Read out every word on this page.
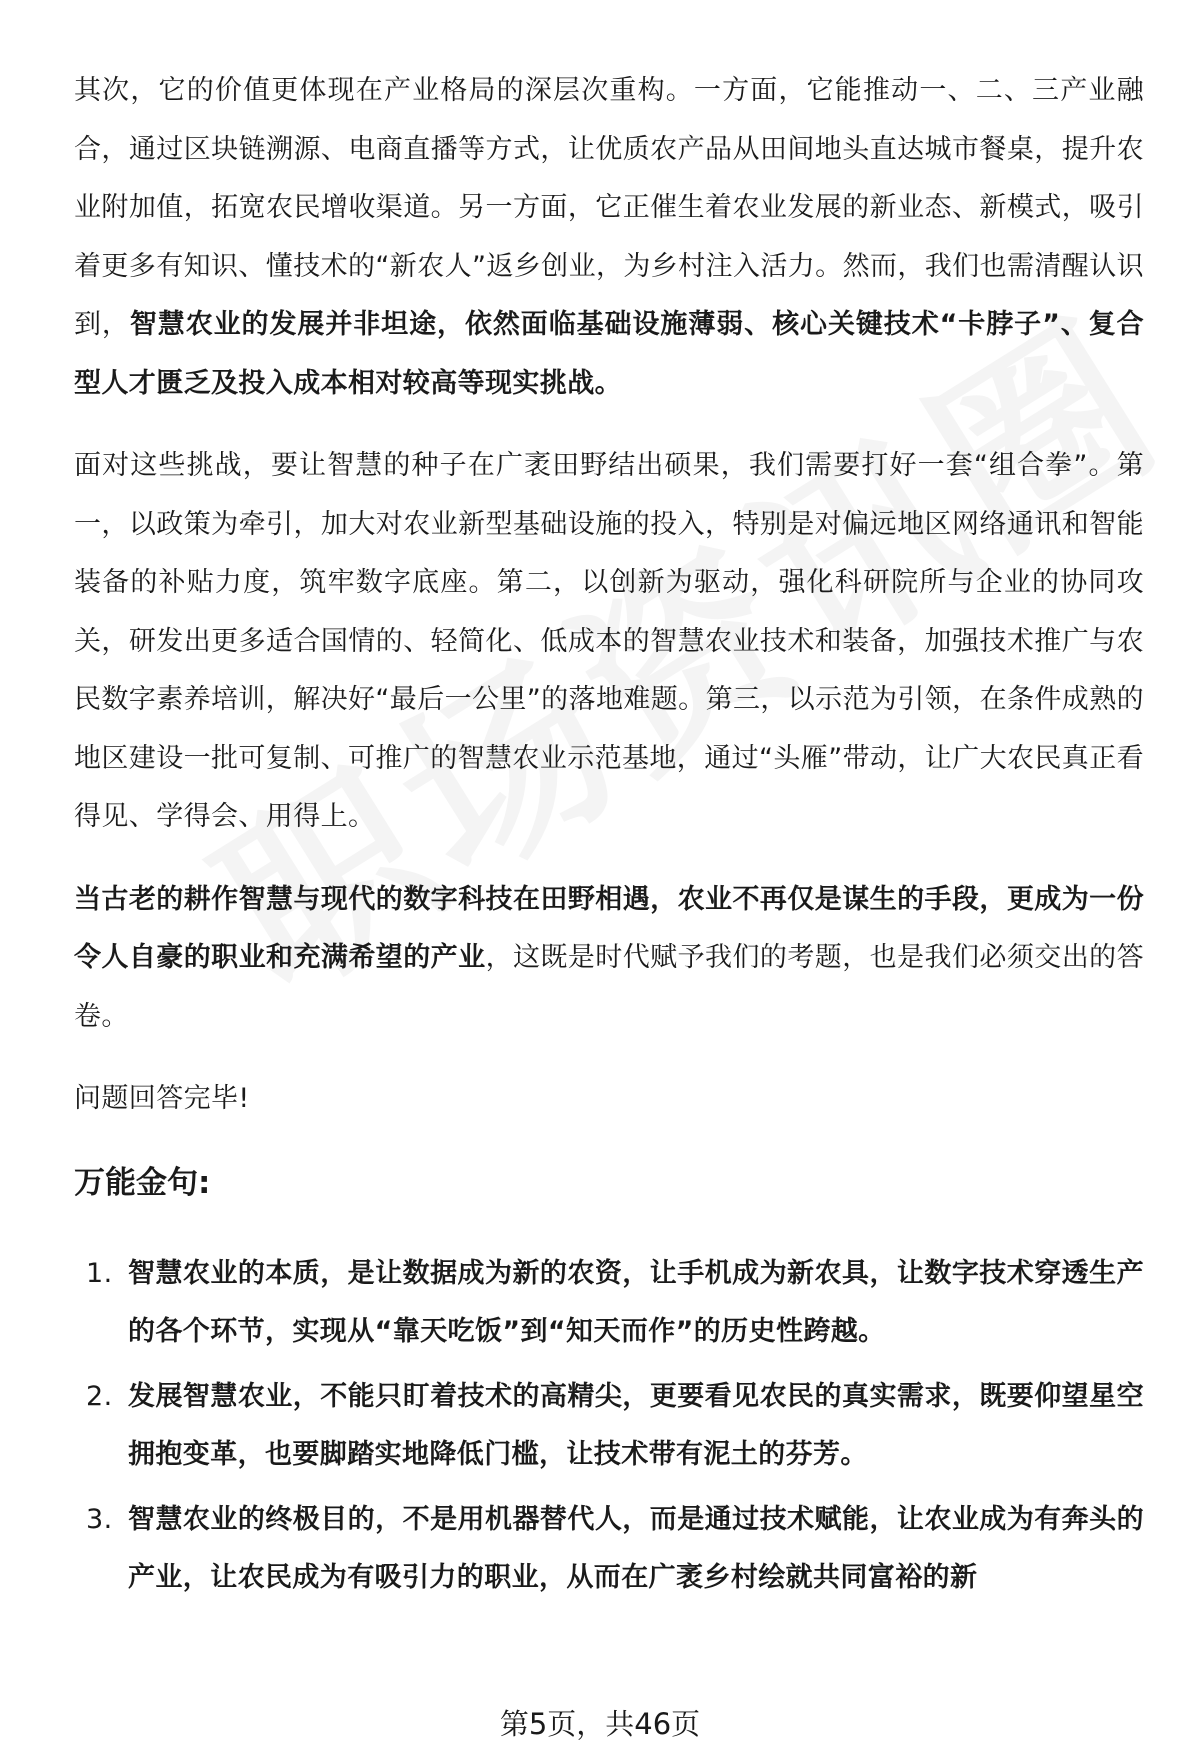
其次，它的价值更体现在产业格局的深层次重构。一方面，它能推动一、二、三产业融合，通过区块链溯源、电商直播等方式，让优质农产品从田间地头直达城市餐桌，提升农业附加值，拓宽农民增收渠道。另一方面，它正催生着农业发展的新业态、新模式，吸引着更多有知识、懂技术的“新农人”返乡创业，为乡村注入活力。然而，我们也需清醒认识到，智慧农业的发展并非坦途，依然面临基础设施薄弱、核心关键技术“卡脖子”、复合型人才匮乏及投入成本相对较高等现实挑战。

面对这些挑战，要让智慧的种子在广袤田野结出硕果，我们需要打好一套“组合拳”。第一，以政策为牵引，加大对农业新型基础设施的投入，特别是对偏远地区网络通讯和智能装备的补贴力度，筑牢数字底座。第二，以创新为驱动，强化科研院所与企业的协同攻关，研发出更多适合国情的、轻简化、低成本的智慧农业技术和装备，加强技术推广与农民数字素养培训，解决好“最后一公里”的落地难题。第三，以示范为引领，在条件成熟的地区建设一批可复制、可推广的智慧农业示范基地，通过“头雁”带动，让广大农民真正看得见、学得会、用得上。

当古老的耕作智慧与现代的数字科技在田野相遇，农业不再仅是谋生的手段，更成为一份令人自豪的职业和充满希望的产业，这既是时代赋予我们的考题，也是我们必须交出的答卷。

问题回答完毕!

万能金句:
1. 智慧农业的本质，是让数据成为新的农资，让手机成为新农具，让数字技术穿透生产的各个环节，实现从“靠天吃饭”到“知天而作”的历史性跨越。
2. 发展智慧农业，不能只盯着技术的高精尖，更要看见农民的真实需求，既要仰望星空拥抱变革，也要脚踏实地降低门槛，让技术带有泥土的芬芳。
3. 智慧农业的终极目的，不是用机器替代人，而是通过技术赋能，让农业成为有奔头的产业，让农民成为有吸引力的职业，从而在广袤乡村绘就共同富裕的新
第5页，共46页
